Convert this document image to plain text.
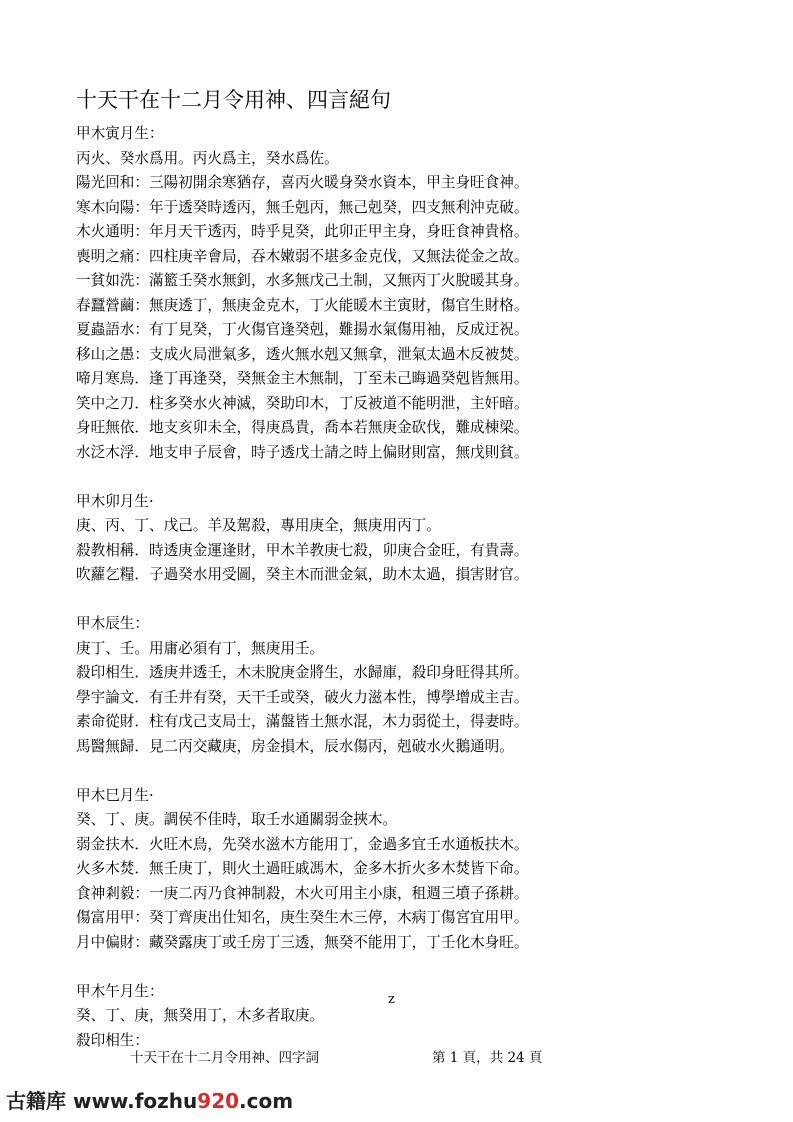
十天干在十二月令用神、四言絕句
甲木寅月生：
丙火、癸水爲用。丙火爲主，癸水爲佐。
陽光回和：三陽初開余寒猶存，喜丙火暖身癸水資本，甲主身旺食神。
寒木向陽：年于透癸時透丙，無壬剋丙，無己剋癸，四支無利沖克破。
木火通明：年月天干透丙，時乎見癸，此卯正甲主身，身旺食神貴格。
喪明之痛：四柱庚辛會局，吞木嫩弱不堪多金克伐，又無法從金之故。
一貧如洗：滿籃壬癸水無釗，水多無戊己土制，又無丙丁火脫暖其身。
春蠶營繭：無庚透丁，無庚金克木，丁火能暖木主寅財，傷官生財格。
夏蟲語水：有丁見癸，丁火傷官逢癸剋，難揚水氣傷用袖，反成迂祝。
移山之愚：支成火局泄氣多，透火無水剋又無拿，泄氣太過木反被焚。
啼月寒鳥．逢丁再逢癸，癸無金主木無制，丁至未己晦過癸剋皆無用。
笑中之刀．柱多癸水火神滅，癸助印木，丁反被道不能明泄，主奸暗。
身旺無依．地支亥卯未全，得庚爲貴，喬本若無庚金砍伐，難成棟梁。
水泛木浮．地支申子辰會，時子透戊士請之時上偏財則富，無戊則貧。
甲木卯月生·
庚、丙、丁、戊己。羊及駕殺，專用庚全，無庚用丙丁。
殺教相稱．時透庚金運逢財，甲木羊教庚七殺，卯庚合金旺，有貴壽。
吹蘿乞糧．子過癸水用受圖，癸主木而泄金氣，助木太過，損害財官。
甲木辰生：
庚丁、壬。用庸必須有丁，無庚用壬。
殺印相生．透庚井透壬，木未脫庚金將生，水歸庫，殺印身旺得其所。
學宇論文．有壬井有癸，天干壬或癸，破火力滋本性，博學增成主吉。
素命從財．柱有戊己支局士，滿盤皆土無水混，木力弱從土，得妻時。
馬醫無歸．見二丙交藏庚，房金損木，辰水傷丙，剋破水火鵝通明。
甲木巳月生·
癸、丁、庚。調侯不佳時，取壬水通關弱金挾木。
弱金扶木．火旺木鳥，先癸水滋木方能用丁，金過多宜壬水通板扶木。
火多木焚．無壬庚丁，則火土過旺戚馮木，金多木折火多木焚皆下命。
食神剎毅：一庚二丙乃食神制殺，木火可用主小康，租週三墳子孫耕。
傷富用甲：癸丁齊庚出仕知名，庚生癸生木三停，木病丁傷宮宜用甲。
月中偏財：藏癸露庚丁或壬房丁三透，無癸不能用丁，丁壬化木身旺。
甲木午月生：
癸、丁、庚，無癸用丁，木多者取庚。
殺印相生：
z
十天干在十二月令用神、四字詞	第 1 頁，共 24 頁
古籍库 www.fozhu920.com
